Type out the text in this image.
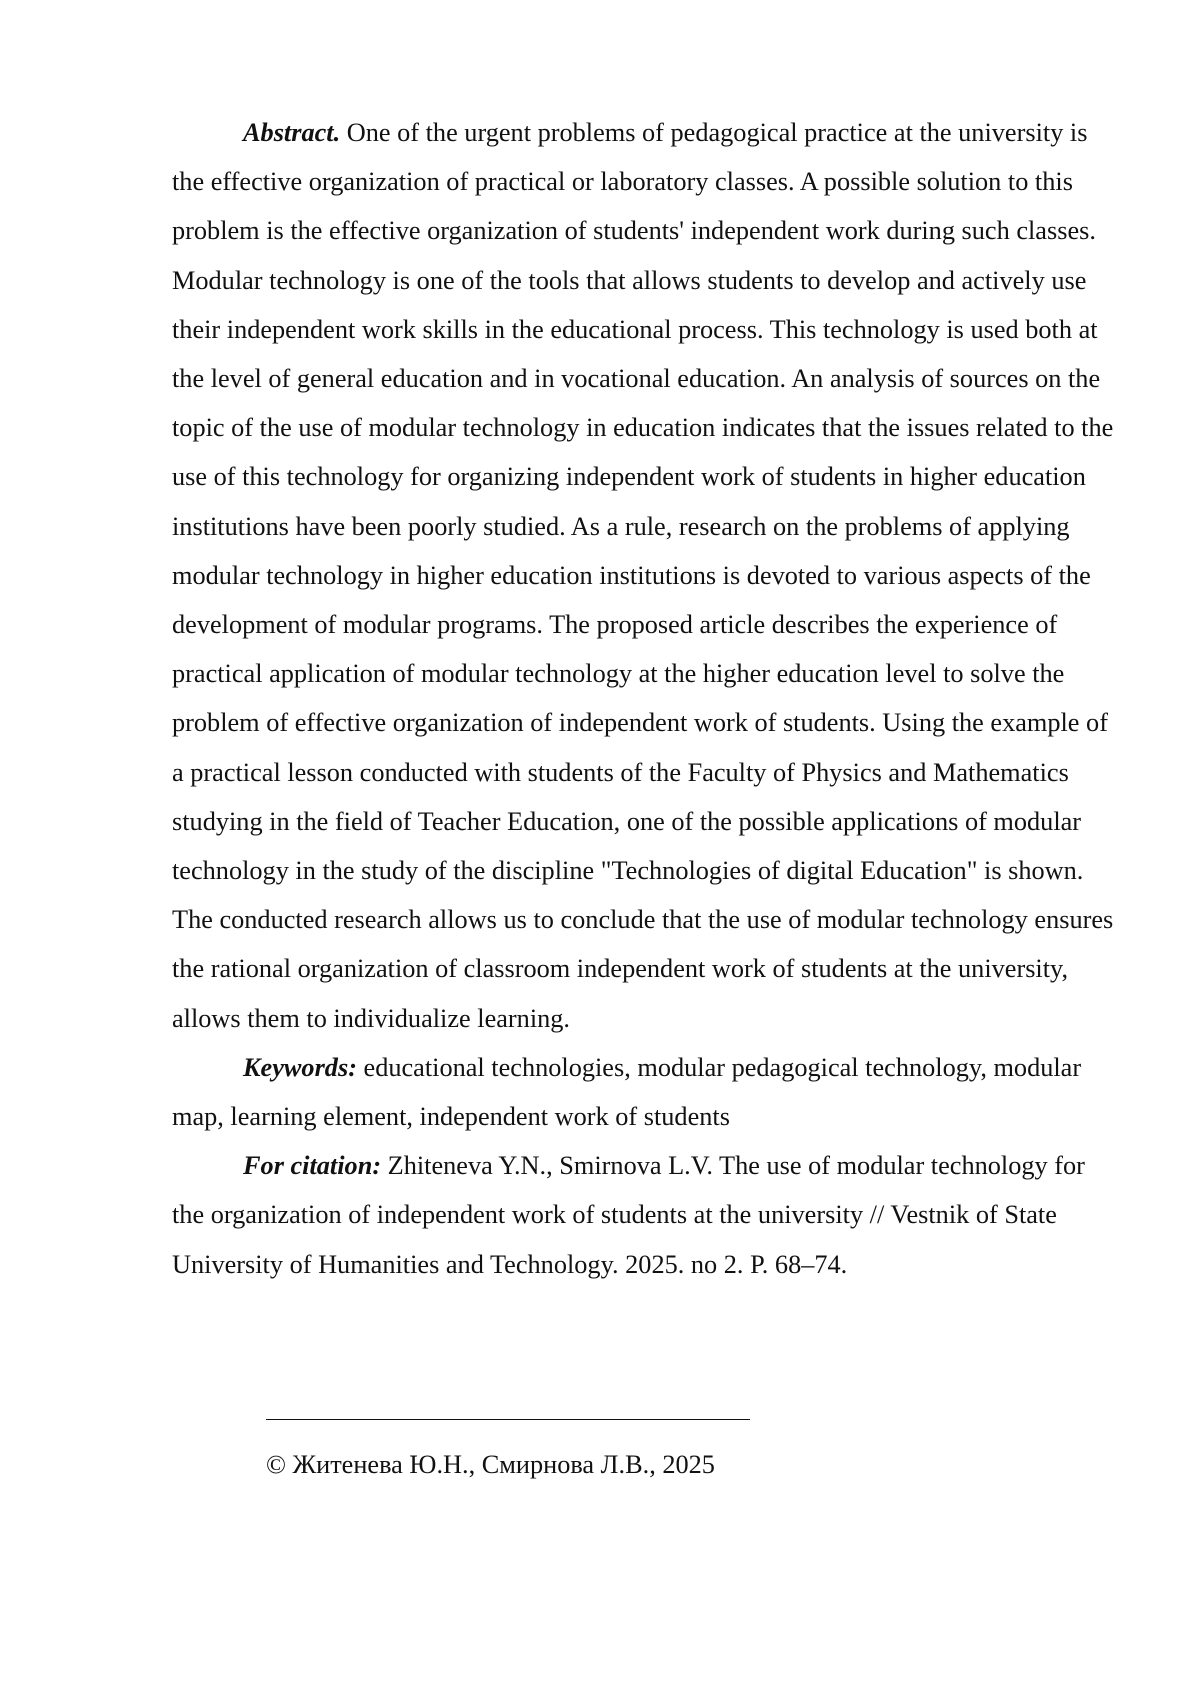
Abstract. One of the urgent problems of pedagogical practice at the university is the effective organization of practical or laboratory classes. A possible solution to this problem is the effective organization of students' independent work during such classes. Modular technology is one of the tools that allows students to develop and actively use their independent work skills in the educational process. This technology is used both at the level of general education and in vocational education. An analysis of sources on the topic of the use of modular technology in education indicates that the issues related to the use of this technology for organizing independent work of students in higher education institutions have been poorly studied. As a rule, research on the problems of applying modular technology in higher education institutions is devoted to various aspects of the development of modular programs. The proposed article describes the experience of practical application of modular technology at the higher education level to solve the problem of effective organization of independent work of students. Using the example of a practical lesson conducted with students of the Faculty of Physics and Mathematics studying in the field of Teacher Education, one of the possible applications of modular technology in the study of the discipline "Technologies of digital Education" is shown. The conducted research allows us to conclude that the use of modular technology ensures the rational organization of classroom independent work of students at the university, allows them to individualize learning.

Keywords: educational technologies, modular pedagogical technology, modular map, learning element, independent work of students

For citation: Zhiteneva Y.N., Smirnova L.V. The use of modular technology for the organization of independent work of students at the university // Vestnik of State University of Humanities and Technology. 2025. no 2. P. 68–74.

© Житенева Ю.Н., Смирнова Л.В., 2025
